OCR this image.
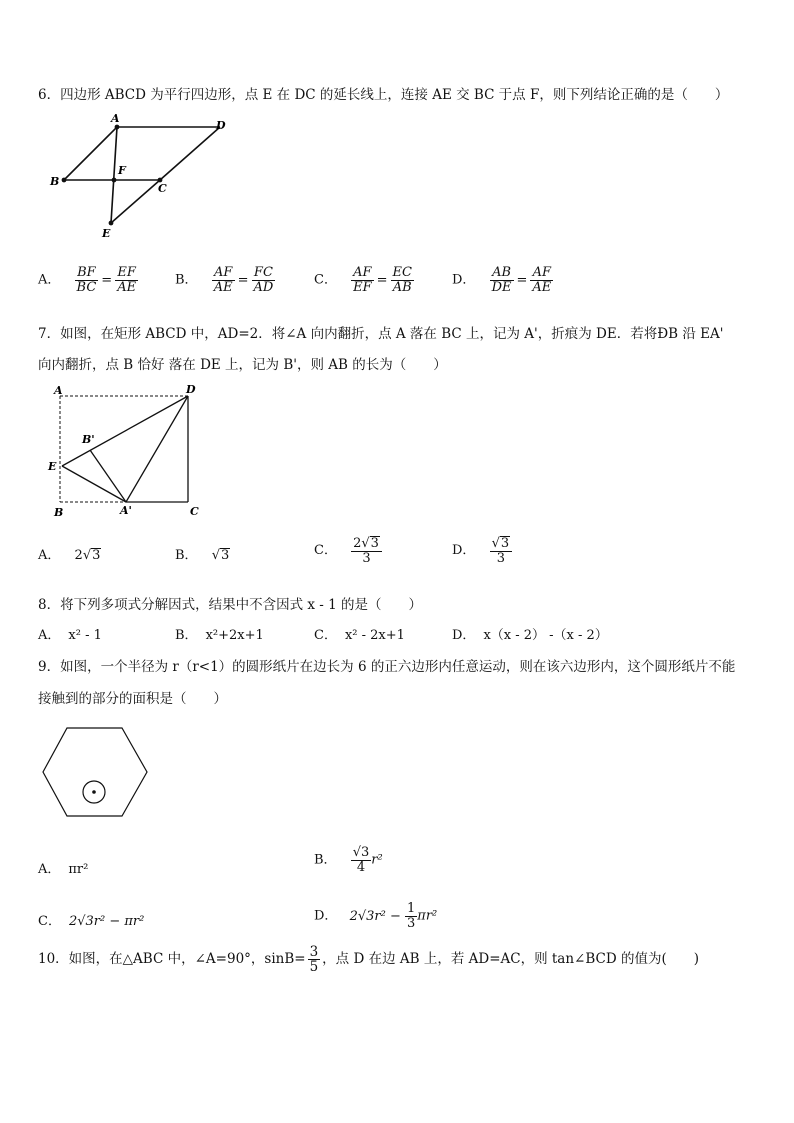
6．四边形 ABCD 为平行四边形，点 E 在 DC 的延长线上，连接 AE 交 BC 于点 F，则下列结论正确的是（　　）
A
D
B
F
C
E
A． $\frac{BF}{BC} = \frac{EF}{AE}$	B． $\frac{AF}{AE} = \frac{FC}{AD}$	C． $\frac{AF}{EF} = \frac{EC}{AB}$	D． $\frac{AB}{DE} = \frac{AF}{AE}$
7．如图，在矩形 ABCD 中，AD=2．将∠A 向内翻折，点 A 落在 BC 上，记为 A'，折痕为 DE．若将ÐB 沿 EA'
向内翻折，点 B 恰好 落在 DE 上，记为 B'，则 AB 的长为（　　）
A	D
B'
E
B	A'	C
A． 2√3	B． √3	C． $\frac{2√3}{3}$	D． $\frac{√3}{3}$
8．将下列多项式分解因式，结果中不含因式 x - 1 的是（　　）
A． x² - 1	B． x²+2x+1	C． x² - 2x+1	D． x（x - 2） -（x - 2）
9．如图，一个半径为 r（r<1）的圆形纸片在边长为 6 的正六边形内任意运动，则在该六边形内，这个圆形纸片不能
接触到的部分的面积是（　　）
A． πr²
B． $\frac{√3}{4} r^2$
C． 2√3r² − πr²	D． $2√3r^2 - \frac{1}{3} \pi r^2$
10．如图，在△ABC 中，∠A=90°，$\sin B= \frac{3}{5}$ ，点 D 在边 AB 上，若 AD=AC，则 tan∠BCD 的值为(　　)
